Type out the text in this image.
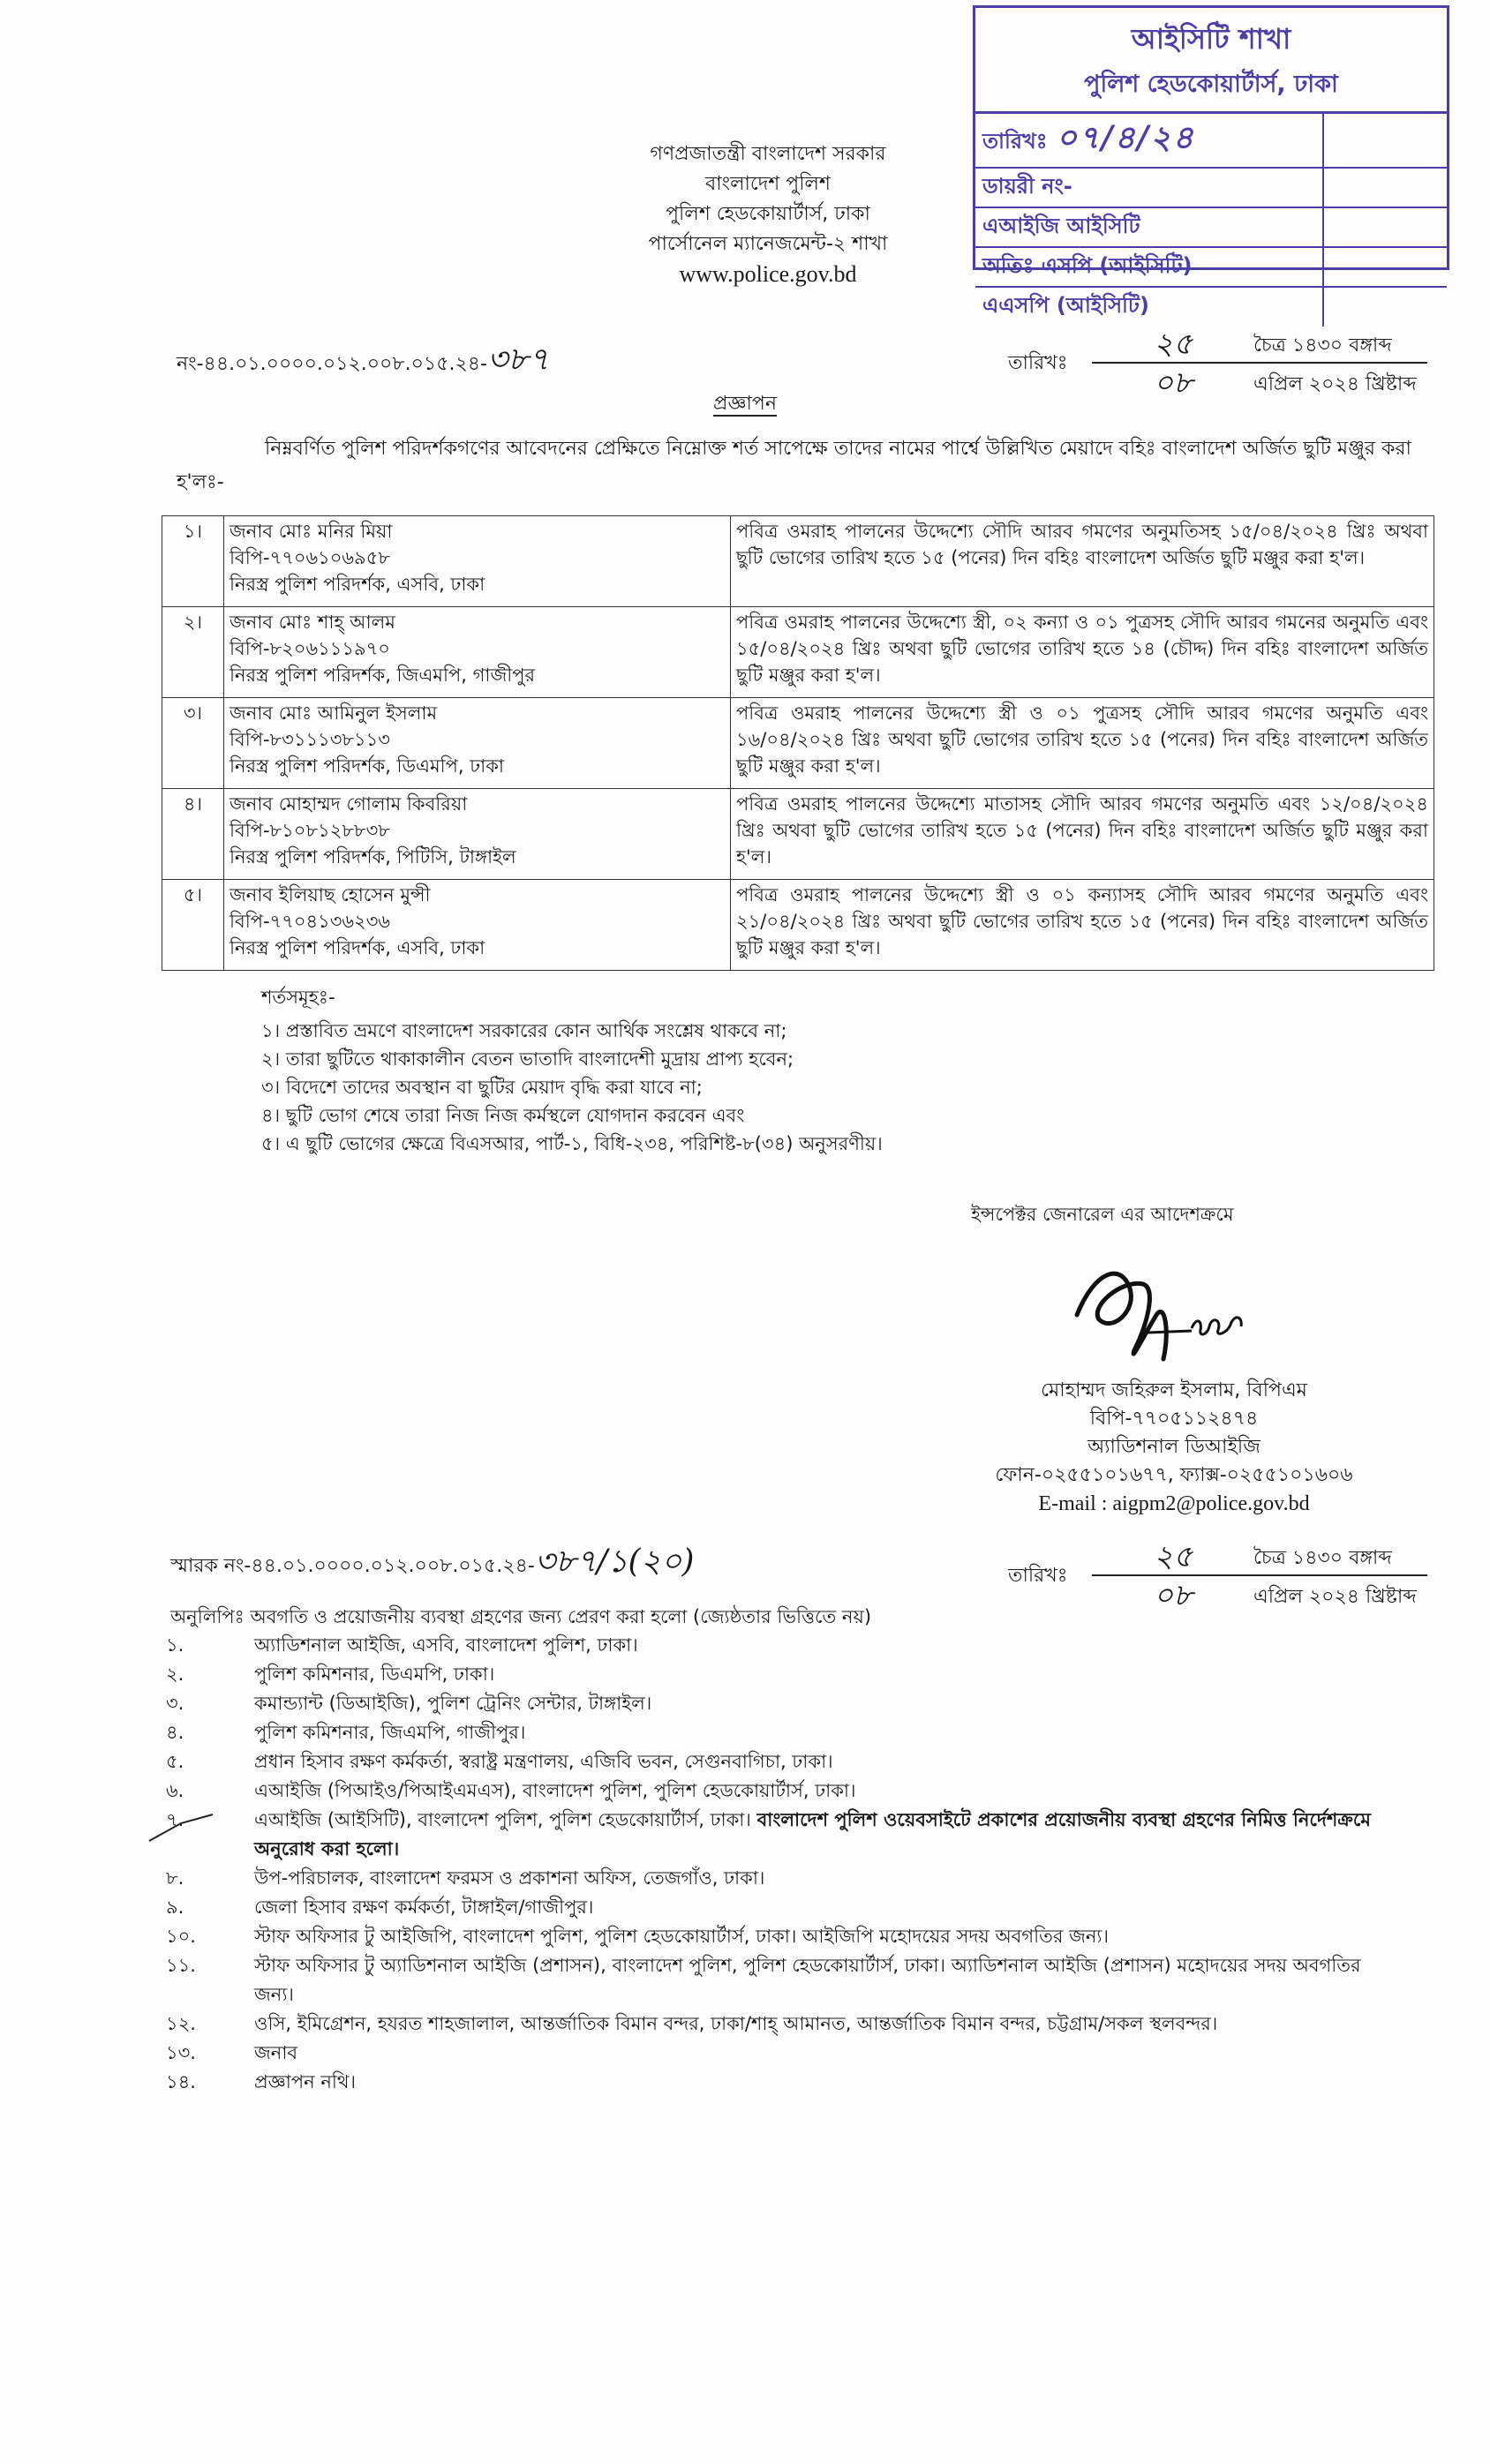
আইসিটি শাখা
পুলিশ হেডকোয়ার্টার্স, ঢাকা
তারিখঃ ০৭/৪/২৪	
ডায়রী নং-	
এআইজি আইসিটি	
অতিঃ এসপি (আইসিটি)	
এএসপি (আইসিটি)	
গণপ্রজাতন্ত্রী বাংলাদেশ সরকার
বাংলাদেশ পুলিশ
পুলিশ হেডকোয়ার্টার্স, ঢাকা
পার্সোনেল ম্যানেজমেন্ট-২ শাখা
www.police.gov.bd
নং-৪৪.০১.০০০০.০১২.০০৮.০১৫.২৪-৩৮৭	তারিখঃ
২৫	চৈত্র ১৪৩০ বঙ্গাব্দ
০৮	এপ্রিল ২০২৪ খ্রিষ্টাব্দ
প্রজ্ঞাপন
নিম্নবর্ণিত পুলিশ পরিদর্শকগণের আবেদনের প্রেক্ষিতে নিম্নোক্ত শর্ত সাপেক্ষে তাদের নামের পার্শ্বে উল্লিখিত মেয়াদে বহিঃ বাংলাদেশ অর্জিত ছুটি মঞ্জুর করা হ'লঃ-
১।	জনাব মোঃ মনির মিয়া
বিপি-৭৭০৬১০৬৯৫৮
নিরস্ত্র পুলিশ পরিদর্শক, এসবি, ঢাকা	পবিত্র ওমরাহ পালনের উদ্দেশ্যে সৌদি আরব গমণের অনুমতিসহ ১৫/০৪/২০২৪ খ্রিঃ অথবা ছুটি ভোগের তারিখ হতে ১৫ (পনের) দিন বহিঃ বাংলাদেশ অর্জিত ছুটি মঞ্জুর করা হ'ল।
২।	জনাব মোঃ শাহ্ আলম
বিপি-৮২০৬১১১৯৭০
নিরস্ত্র পুলিশ পরিদর্শক, জিএমপি, গাজীপুর	পবিত্র ওমরাহ পালনের উদ্দেশ্যে স্ত্রী, ০২ কন্যা ও ০১ পুত্রসহ সৌদি আরব গমনের অনুমতি এবং ১৫/০৪/২০২৪ খ্রিঃ অথবা ছুটি ভোগের তারিখ হতে ১৪ (চৌদ্দ) দিন বহিঃ বাংলাদেশ অর্জিত ছুটি মঞ্জুর করা হ'ল।
৩।	জনাব মোঃ আমিনুল ইসলাম
বিপি-৮৩১১১৩৮১১৩
নিরস্ত্র পুলিশ পরিদর্শক, ডিএমপি, ঢাকা	পবিত্র ওমরাহ পালনের উদ্দেশ্যে স্ত্রী ও ০১ পুত্রসহ সৌদি আরব গমণের অনুমতি এবং ১৬/০৪/২০২৪ খ্রিঃ অথবা ছুটি ভোগের তারিখ হতে ১৫ (পনের) দিন বহিঃ বাংলাদেশ অর্জিত ছুটি মঞ্জুর করা হ'ল।
৪।	জনাব মোহাম্মদ গোলাম কিবরিয়া
বিপি-৮১০৮১২৮৮৩৮
নিরস্ত্র পুলিশ পরিদর্শক, পিটিসি, টাঙ্গাইল	পবিত্র ওমরাহ পালনের উদ্দেশ্যে মাতাসহ সৌদি আরব গমণের অনুমতি এবং ১২/০৪/২০২৪ খ্রিঃ অথবা ছুটি ভোগের তারিখ হতে ১৫ (পনের) দিন বহিঃ বাংলাদেশ অর্জিত ছুটি মঞ্জুর করা হ'ল।
৫।	জনাব ইলিয়াছ হোসেন মুন্সী
বিপি-৭৭০৪১৩৬২৩৬
নিরস্ত্র পুলিশ পরিদর্শক, এসবি, ঢাকা	পবিত্র ওমরাহ পালনের উদ্দেশ্যে স্ত্রী ও ০১ কন্যাসহ সৌদি আরব গমণের অনুমতি এবং ২১/০৪/২০২৪ খ্রিঃ অথবা ছুটি ভোগের তারিখ হতে ১৫ (পনের) দিন বহিঃ বাংলাদেশ অর্জিত ছুটি মঞ্জুর করা হ'ল।
শর্তসমূহঃ-
১। প্রস্তাবিত ভ্রমণে বাংলাদেশ সরকারের কোন আর্থিক সংশ্লেষ থাকবে না;
২। তারা ছুটিতে থাকাকালীন বেতন ভাতাদি বাংলাদেশী মুদ্রায় প্রাপ্য হবেন;
৩। বিদেশে তাদের অবস্থান বা ছুটির মেয়াদ বৃদ্ধি করা যাবে না;
৪। ছুটি ভোগ শেষে তারা নিজ নিজ কর্মস্থলে যোগদান করবেন এবং
৫। এ ছুটি ভোগের ক্ষেত্রে বিএসআর, পার্ট-১, বিধি-২৩৪, পরিশিষ্ট-৮(৩৪) অনুসরণীয়।
ইন্সপেক্টর জেনারেল এর আদেশক্রমে
মোহাম্মদ জহিরুল ইসলাম, বিপিএম
বিপি-৭৭০৫১১২৪৭৪
অ্যাডিশনাল ডিআইজি
ফোন-০২৫৫১০১৬৭৭, ফ্যাক্স-০২৫৫১০১৬০৬
E-mail : aigpm2@police.gov.bd
স্মারক নং-৪৪.০১.০০০০.০১২.০০৮.০১৫.২৪-৩৮৭/১(২০)	তারিখঃ
২৫	চৈত্র ১৪৩০ বঙ্গাব্দ
০৮	এপ্রিল ২০২৪ খ্রিষ্টাব্দ
অনুলিপিঃ অবগতি ও প্রয়োজনীয় ব্যবস্থা গ্রহণের জন্য প্রেরণ করা হলো (জ্যেষ্ঠতার ভিত্তিতে নয়)
১.	অ্যাডিশনাল আইজি, এসবি, বাংলাদেশ পুলিশ, ঢাকা।
২.	পুলিশ কমিশনার, ডিএমপি, ঢাকা।
৩.	কমান্ড্যান্ট (ডিআইজি), পুলিশ ট্রেনিং সেন্টার, টাঙ্গাইল।
৪.	পুলিশ কমিশনার, জিএমপি, গাজীপুর।
৫.	প্রধান হিসাব রক্ষণ কর্মকর্তা, স্বরাষ্ট্র মন্ত্রণালয়, এজিবি ভবন, সেগুনবাগিচা, ঢাকা।
৬.	এআইজি (পিআইও/পিআইএমএস), বাংলাদেশ পুলিশ, পুলিশ হেডকোয়ার্টার্স, ঢাকা।
৭.	এআইজি (আইসিটি), বাংলাদেশ পুলিশ, পুলিশ হেডকোয়ার্টার্স, ঢাকা। বাংলাদেশ পুলিশ ওয়েবসাইটে প্রকাশের প্রয়োজনীয় ব্যবস্থা গ্রহণের নিমিত্ত নির্দেশক্রমে অনুরোধ করা হলো।
৮.	উপ-পরিচালক, বাংলাদেশ ফরমস ও প্রকাশনা অফিস, তেজগাঁও, ঢাকা।
৯.	জেলা হিসাব রক্ষণ কর্মকর্তা, টাঙ্গাইল/গাজীপুর।
১০.	স্টাফ অফিসার টু আইজিপি, বাংলাদেশ পুলিশ, পুলিশ হেডকোয়ার্টার্স, ঢাকা। আইজিপি মহোদয়ের সদয় অবগতির জন্য।
১১.	স্টাফ অফিসার টু অ্যাডিশনাল আইজি (প্রশাসন), বাংলাদেশ পুলিশ, পুলিশ হেডকোয়ার্টার্স, ঢাকা। অ্যাডিশনাল আইজি (প্রশাসন) মহোদয়ের সদয় অবগতির জন্য।
১২.	ওসি, ইমিগ্রেশন, হযরত শাহজালাল, আন্তর্জাতিক বিমান বন্দর, ঢাকা/শাহ্ আমানত, আন্তর্জাতিক বিমান বন্দর, চট্টগ্রাম/সকল স্থলবন্দর।
১৩.	জনাব
১৪.	প্রজ্ঞাপন নথি।
